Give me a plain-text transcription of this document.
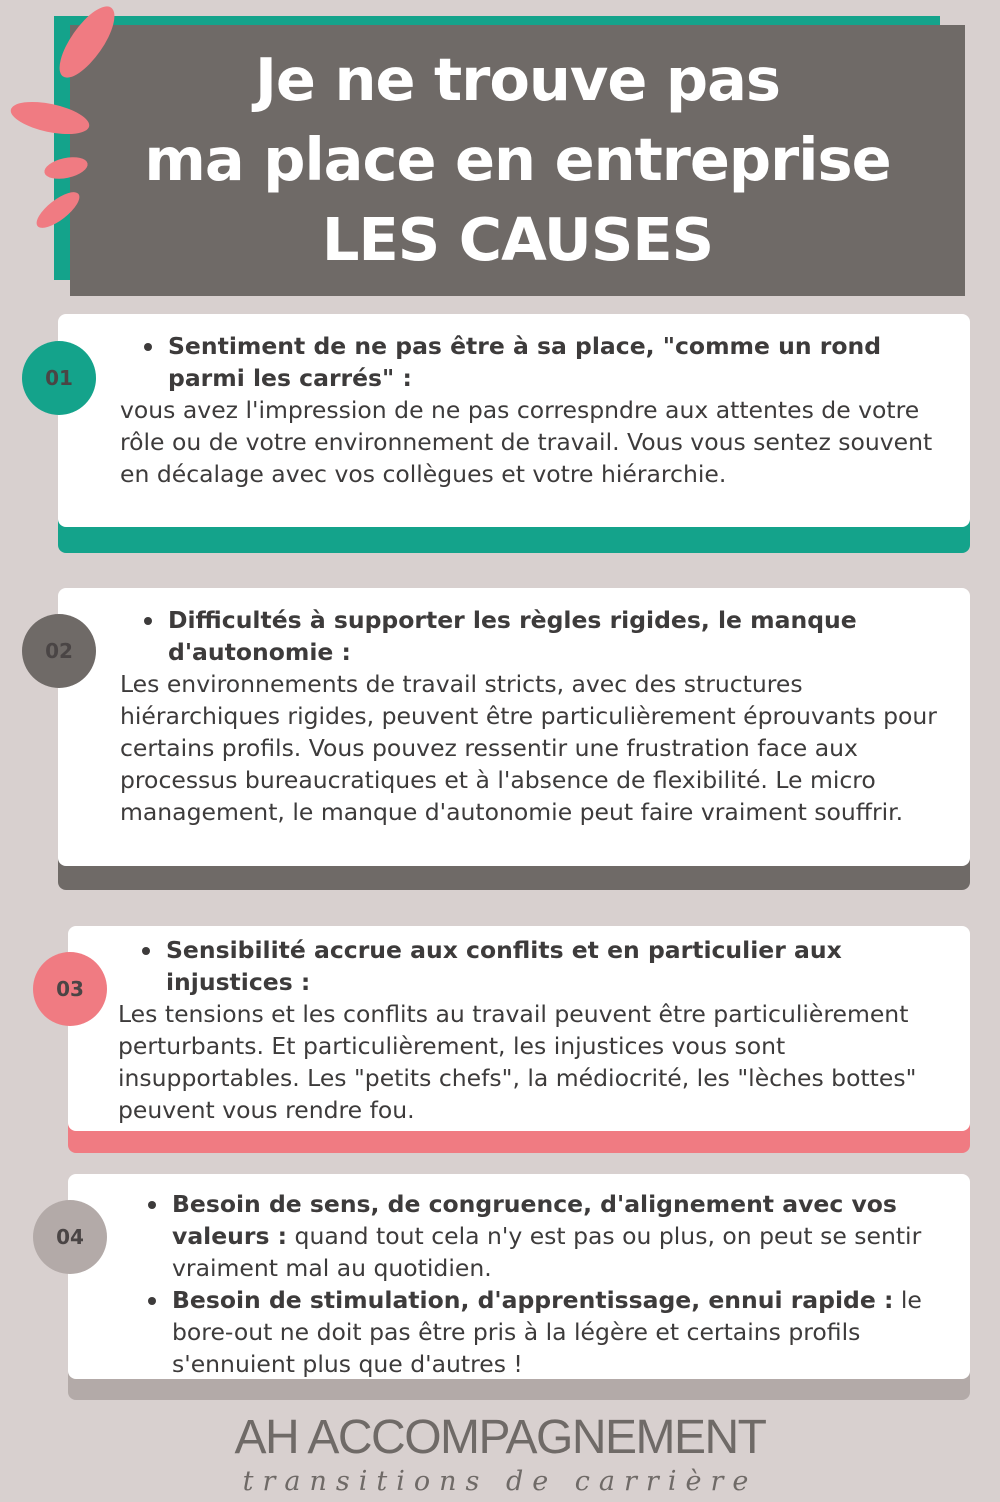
Je ne trouve pas
ma place en entreprise
LES CAUSES
Sentiment de ne pas être à sa place, "comme un rond parmi les carrés" :
vous avez l'impression de ne pas correspndre aux attentes de votre rôle ou de votre environnement de travail. Vous vous sentez souvent en décalage avec vos collègues et votre hiérarchie.
01
Difficultés à supporter les règles rigides, le manque d'autonomie :
Les environnements de travail stricts, avec des structures hiérarchiques rigides, peuvent être particulièrement éprouvants pour certains profils. Vous pouvez ressentir une frustration face aux processus bureaucratiques et à l'absence de flexibilité. Le micro management, le manque d'autonomie peut faire vraiment souffrir.
02
Sensibilité accrue aux conflits et en particulier aux injustices :
Les tensions et les conflits au travail peuvent être particulièrement perturbants. Et particulièrement, les injustices vous sont insupportables. Les "petits chefs", la médiocrité, les "lèches bottes" peuvent vous rendre fou.
03
Besoin de sens, de congruence, d'alignement avec vos valeurs : quand tout cela n'y est pas ou plus, on peut se sentir vraiment mal au quotidien.
Besoin de stimulation, d'apprentissage, ennui rapide : le bore-out ne doit pas être pris à la légère et certains profils s'ennuient plus que d'autres !
04
AH ACCOMPAGNEMENT
transitions de carrière
